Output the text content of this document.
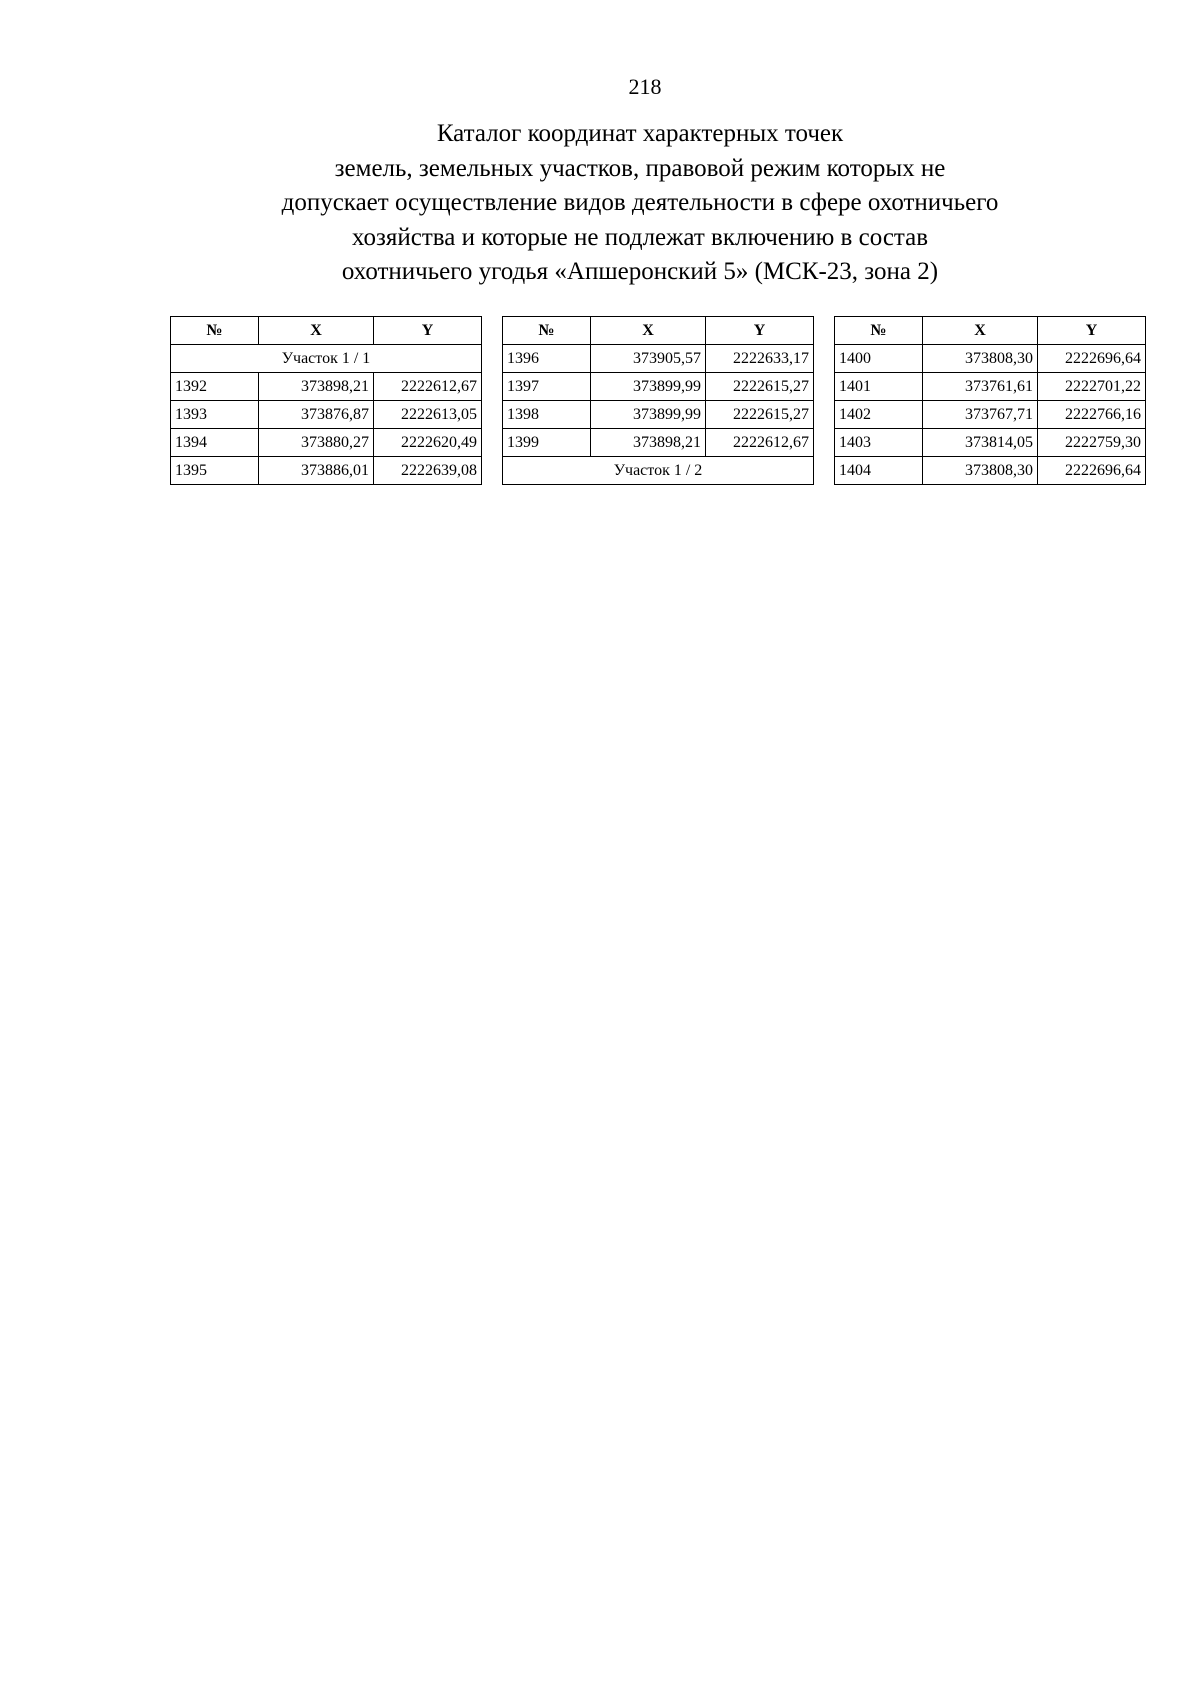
218
Каталог координат характерных точек
земель, земельных участков, правовой режим которых не
допускает осуществление видов деятельности в сфере охотничьего
хозяйства и которые не подлежат включению в состав
охотничьего угодья «Апшеронский 5» (МСК-23, зона 2)
№	X	Y
Участок 1 / 1		
1392	373898,21	2222612,67
1393	373876,87	2222613,05
1394	373880,27	2222620,49
1395	373886,01	2222639,08
№	X	Y
1396	373905,57	2222633,17
1397	373899,99	2222615,27
1398	373899,99	2222615,27
1399	373898,21	2222612,67
Участок 1 / 2		
№	X	Y
1400	373808,30	2222696,64
1401	373761,61	2222701,22
1402	373767,71	2222766,16
1403	373814,05	2222759,30
1404	373808,30	2222696,64
